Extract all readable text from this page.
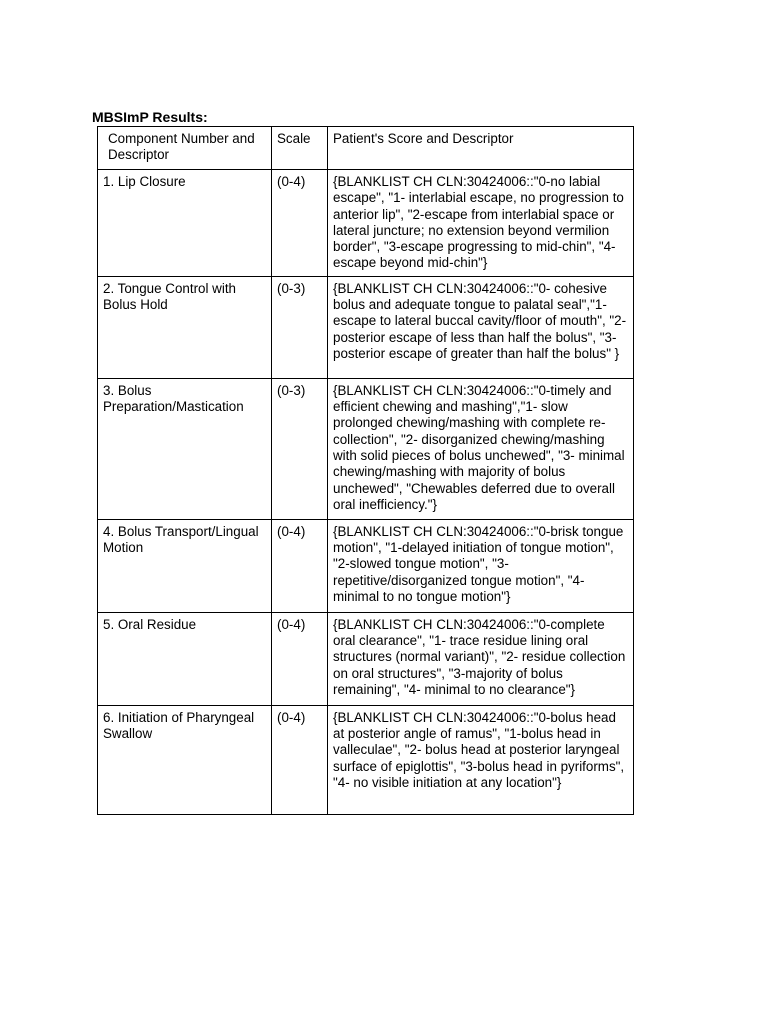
MBSImP Results:
Component Number and Descriptor	Scale	Patient's Score and Descriptor
1. Lip Closure	(0-4)	{BLANKLIST CH CLN:30424006::"0-no labial escape", "1- interlabial escape, no progression to anterior lip", "2-escape from interlabial space or lateral juncture; no extension beyond vermilion border", "3-escape progressing to mid-chin", "4-escape beyond mid-chin"}
2. Tongue Control with Bolus Hold	(0-3)	{BLANKLIST CH CLN:30424006::"0- cohesive bolus and adequate tongue to palatal seal","1-escape to lateral buccal cavity/floor of mouth", "2-posterior escape of less than half the bolus", "3- posterior escape of greater than half the bolus" }
3. Bolus Preparation/Mastication	(0-3)	{BLANKLIST CH CLN:30424006::"0-timely and efficient chewing and mashing","1- slow prolonged chewing/mashing with complete re-collection", "2- disorganized chewing/mashing with solid pieces of bolus unchewed", "3- minimal chewing/mashing with majority of bolus unchewed", "Chewables deferred due to overall oral inefficiency."}
4. Bolus Transport/Lingual Motion	(0-4)	{BLANKLIST CH CLN:30424006::"0-brisk tongue motion", "1-delayed initiation of tongue motion", "2-slowed tongue motion", "3-repetitive/disorganized tongue motion", "4-minimal to no tongue motion"}
5. Oral Residue	(0-4)	{BLANKLIST CH CLN:30424006::"0-complete oral clearance", "1- trace residue lining oral structures (normal variant)", "2- residue collection on oral structures", "3-majority of bolus remaining", "4- minimal to no clearance"}
6. Initiation of Pharyngeal Swallow	(0-4)	{BLANKLIST CH CLN:30424006::"0-bolus head at posterior angle of ramus", "1-bolus head in valleculae", "2- bolus head at posterior laryngeal surface of epiglottis", "3-bolus head in pyriforms", "4- no visible initiation at any location"}
